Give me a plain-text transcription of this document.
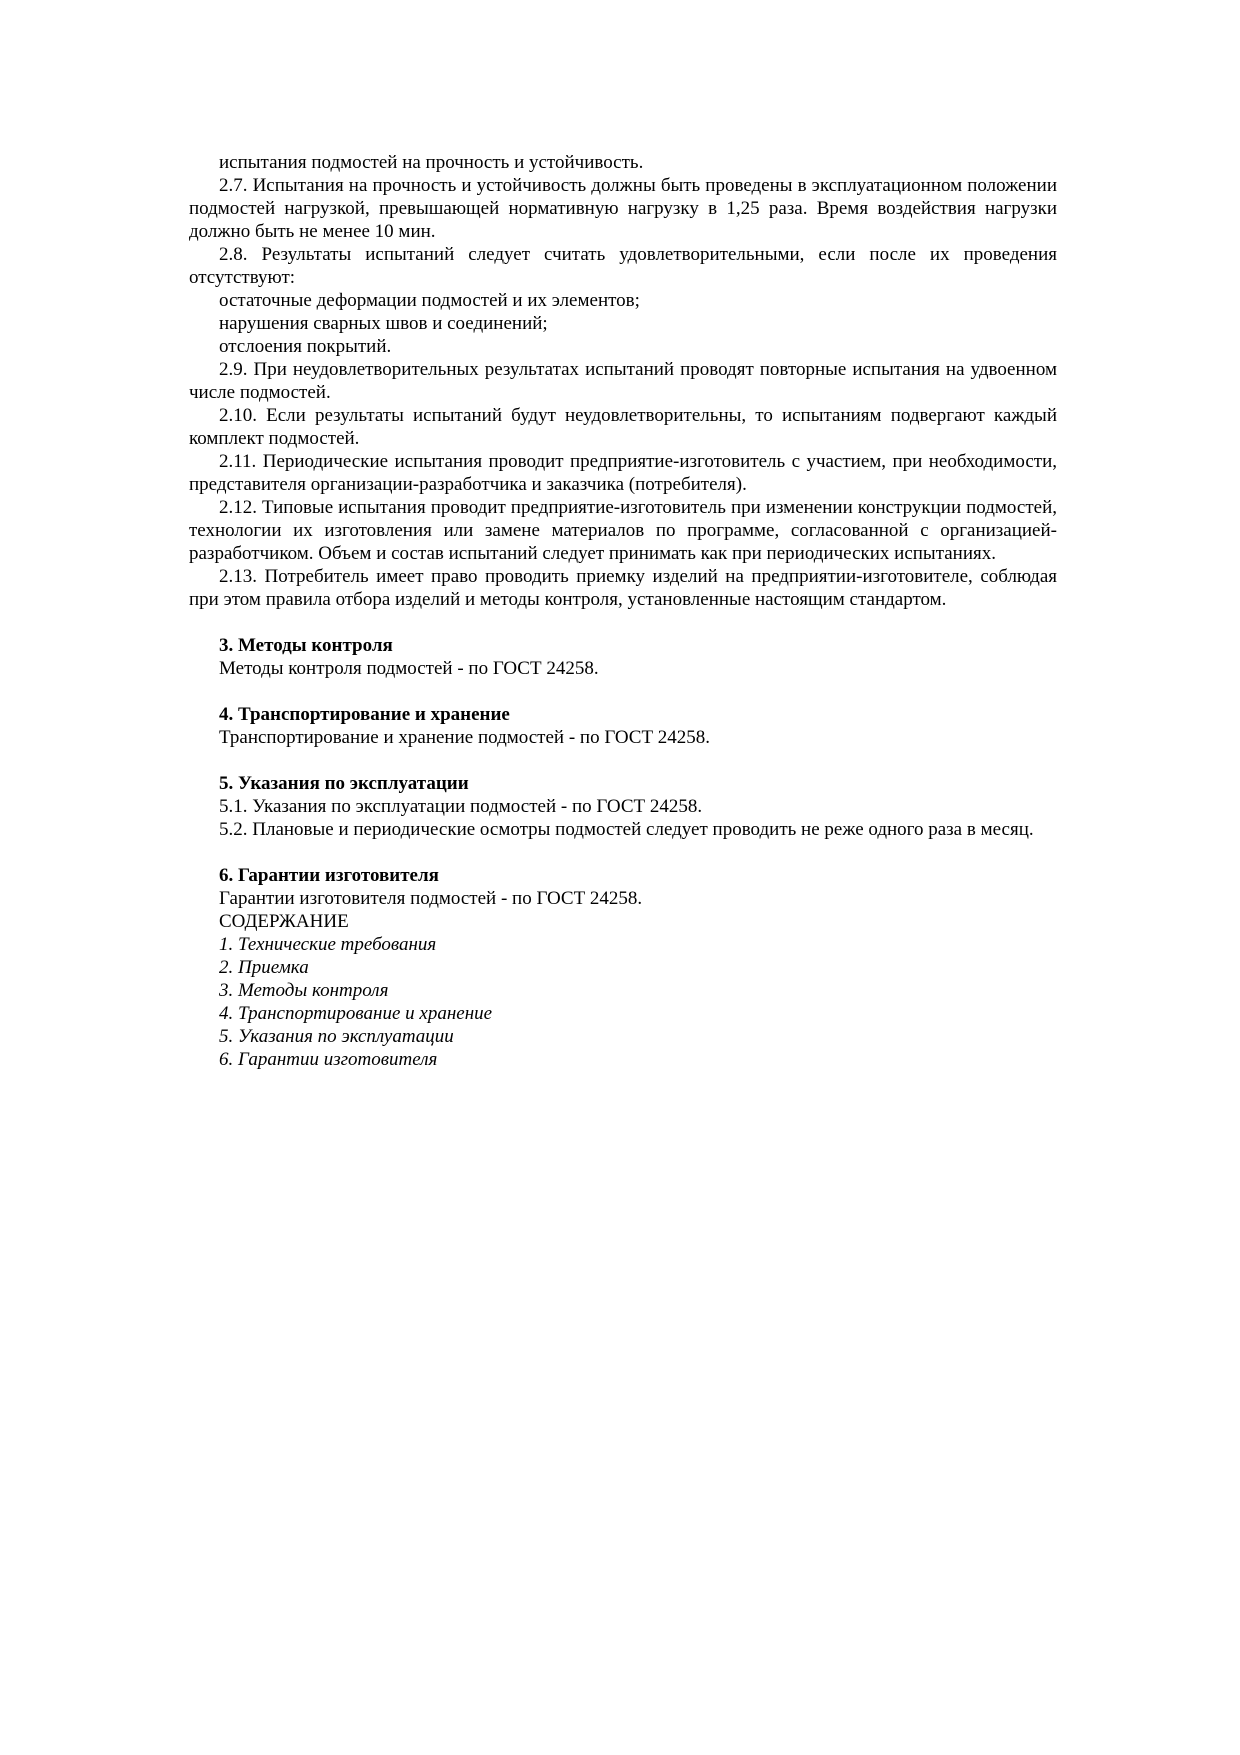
испытания подмостей на прочность и устойчивость.

2.7. Испытания на прочность и устойчивость должны быть проведены в эксплуатационном положении подмостей нагрузкой, превышающей нормативную нагрузку в 1,25 раза. Время воздействия нагрузки должно быть не менее 10 мин.

2.8. Результаты испытаний следует считать удовлетворительными, если после их проведения отсутствуют:

остаточные деформации подмостей и их элементов;

нарушения сварных швов и соединений;

отслоения покрытий.

2.9. При неудовлетворительных результатах испытаний проводят повторные испытания на удвоенном числе подмостей.

2.10. Если результаты испытаний будут неудовлетворительны, то испытаниям подвергают каждый комплект подмостей.

2.11. Периодические испытания проводит предприятие-изготовитель с участием, при необходимости, представителя организации-разработчика и заказчика (потребителя).

2.12. Типовые испытания проводит предприятие-изготовитель при изменении конструкции подмостей, технологии их изготовления или замене материалов по программе, согласованной с организацией-разработчиком. Объем и состав испытаний следует принимать как при периодических испытаниях.

2.13. Потребитель имеет право проводить приемку изделий на предприятии-изготовителе, соблюдая при этом правила отбора изделий и методы контроля, установленные настоящим стандартом.

3. Методы контроля

Методы контроля подмостей - по ГОСТ 24258.

4. Транспортирование и хранение

Транспортирование и хранение подмостей - по ГОСТ 24258.

5. Указания по эксплуатации

5.1. Указания по эксплуатации подмостей - по ГОСТ 24258.

5.2. Плановые и периодические осмотры подмостей следует проводить не реже одного раза в месяц.

6. Гарантии изготовителя

Гарантии изготовителя подмостей - по ГОСТ 24258.

СОДЕРЖАНИЕ

1. Технические требования

2. Приемка

3. Методы контроля

4. Транспортирование и хранение

5. Указания по эксплуатации

6. Гарантии изготовителя
